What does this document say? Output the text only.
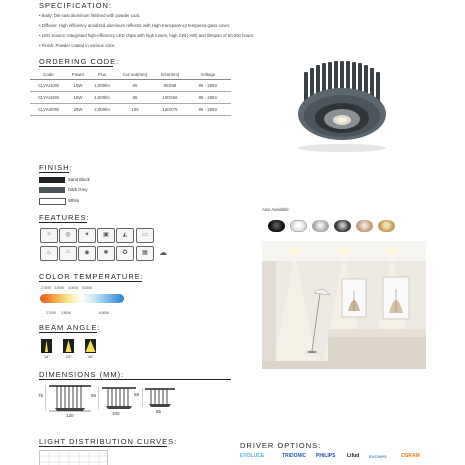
SPECIFICATION:
• Body: Die-cast aluminum finished with powder coat.
• Diffuser: High efficiency anodized aluminum reflector with High-transparency tempered glass cover.
• LED Source: Integrated high-efficiency LED chips with high lumen, high CRI (>90) and lifespan of 50,000 hours.
• Finish: Powder coated in various color.
ORDERING CODE:
Code	Power	Flux	Cut out(mm)	Size(mm)	Voltage
CLYAI10W	10W	1,000lm	65	85X58	85 - 265V
CLYAI15W	15W	1,500lm	85	100X66	85 - 265V
CLYAI20W	20W	2,000lm	105	120X75	85 - 265V
FINISH:
Sand Black
Dark Grey
White
FEATURES:
☼	◎	✦	▣	◭	▭
♨	⌂	◉	✺	✪	▦	☁
COLOR TEMPERATURE:
2,200K 3,000K 4,000K 5,000K
2,700K 3,500K	6,500K
BEAM ANGLE:
15°	24°	36°
DIMENSIONS (MM):
75
120
66
100
58
85
LIGHT DISTRIBUTION CURVES:
Also Available:
DRIVER OPTIONS:
EVOLUCE	TRIDONIC PHILIPS Lifud EUCHIPS	OSRAM
